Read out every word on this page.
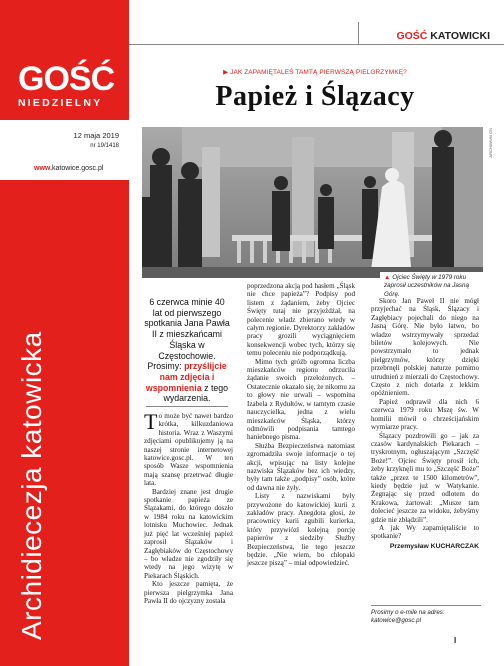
GOŚĆ
NIEDZIELNY
12 maja 2019
nr 19/1418
www.katowice.gosc.pl
Archidiecezja katowicka
GOŚĆ KATOWICKI
▶ JAK ZAPAMIĘTALEŚ TAMTĄ PIERWSZĄ PIELGRZYMKĘ?
Papież i Ślązacy
ARCHIWUM GN
▲ Ojciec Święty w 1979 roku zaprosił uczestników na Jasną Górę.
6 czerwca minie 40 lat od pierwszego spotkania Jana Pawła II z mieszkańcami Śląska w Częstochowie. Prosimy: przyślijcie nam zdjęcia i wspomnienia z tego wydarzenia.

To może być nawet bardzo krótka, kilkuzdaniowa historia. Wraz z Waszymi zdjęciami opublikujemy ją na naszej stronie internetowej katowice.gosc.pl. W ten sposób Wasze wspomnienia mają szansę przetrwać długie lata.

Bardziej znane jest drugie spotkanie papieża ze Ślązakami, do którego doszło w 1984 roku na katowickim lotnisku Muchowiec. Jednak już pięć lat wcześniej papież zaprosił Ślązaków i Zagłębiaków do Częstochowy – bo władze nie zgodziły się wtedy na jego wizytę w Piekarach Śląskich.

Kto jeszcze pamięta, że pierwsza pielgrzymka Jana Pawła II do ojczyzny została

poprzedzona akcją pod hasłem „Śląsk nie chce papieża”? Podpisy pod listem z żądaniem, żeby Ojciec Święty tutaj nie przyjeżdżał, na polecenie władz zbierano wtedy w całym regionie. Dyrektorzy zakładów pracy grozili wyciągnięciem konsekwencji wobec tych, którzy się temu poleceniu nie podporządkują.

Mimo tych gróźb ogromna liczba mieszkańców regionu odrzuciła żądanie swoich przełożonych. – Ostatecznie okazało się, że nikomu za to głowy nie urwali – wspomina Izabela z Rydułtów, w tamtym czasie nauczycielka, jedna z wielu mieszkańców Śląska, którzy odmówili podpisania tamtego haniebnego pisma.

Służba Bezpieczeństwa natomiast zgromadziła swoje informacje o tej akcji, wpisując na listy kolejne nazwiska Ślązaków bez ich wiedzy, były tam także „podpisy” osób, które od dawna nie żyły.

Listy z nazwiskami były przywożone do katowickiej kurii z zakładów pracy. Anegdota głosi, że pracownicy kurii zgubili kurierka, który przywiózł kolejną porcję papierów z siedziby Służby Bezpieczeństwa, lie tego jeszcze będzie. „Nie wiem, bo chłopaki jeszcze piszą” – miał odpowiedzieć.

Skoro Jan Paweł II nie mógł przyjechać na Śląsk, Ślązacy i Zagłębiacy pojechali do niego na Jasną Górę. Nie było łatwo, bo władze wstrzymywały sprzedaż biletów kolejowych. Nie powstrzymało to jednak pielgrzymów, którzy dzięki przebrnęli polskiej naturze pomimo utrudnień z mierzali do Częstochowy. Często z nich dotarła z lekkim opóźnieniem.

Papież odprawił dla nich 6 czerwca 1979 roku Mszę św. W homilii mówił o chrześcijańskim wymiarze pracy.

Ślązacy pozdrowili go – jak za czasów kardynalskich Piekarach – tryskrotnym, ogłuszającym „Szczęść Boże!”. Ojciec Święty prosił ich, żeby krzyknęli mu to „Szczęść Boże” także „przez te 1500 kilometrów”, kiedy będzie już w Watykanie. Żegnając się przed odlotem do Krakowa, żartował: „Musze tam dolecieć jeszcze za widoku, żebyśmy gdzie nie zbłądzili”.

A jak Wy zapamiętaliście to spotkanie?

Przemysław KUCHARCZAK

Prosimy o e-mile na adres:
katowice@gosc.pl
I
